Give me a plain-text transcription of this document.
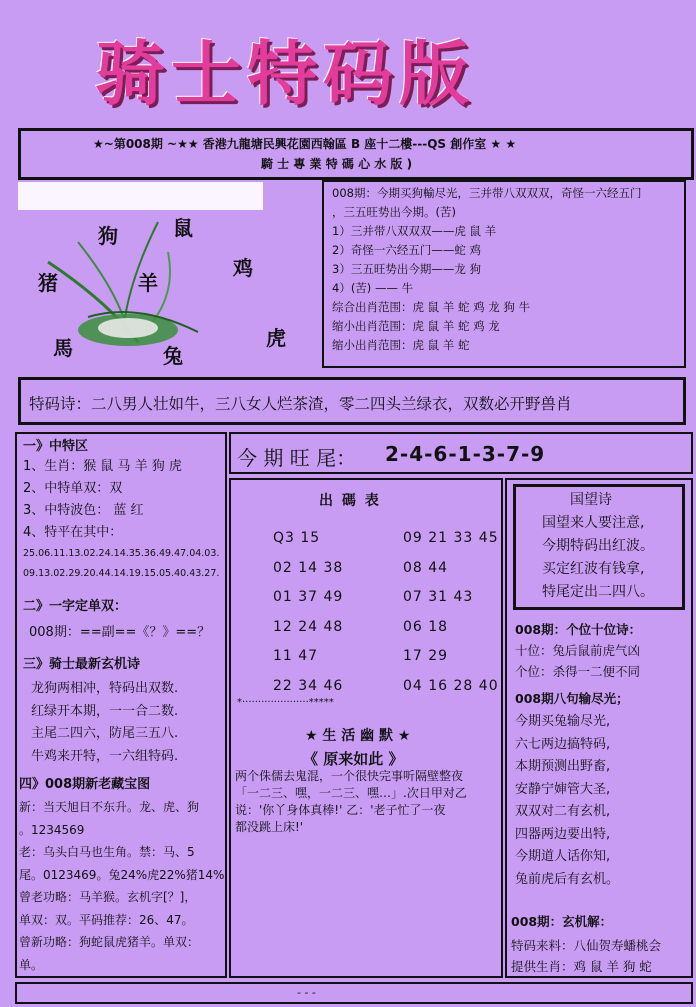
骑士特码版
★~第008期 ~★★ 香港九龍塘民興花園西翰區 B 座十二樓---QS 創作室 ★ ★
騎 士 專 業 特 碼 心 水 版 )
狗	鼠
猪	羊
鸡
馬	兔
虎
008期：今期买狗輸尽光，三并带八双双双，奇怪一六经五门
，三五旺势出今期。(苦)
1）三并带八双双双——虎 鼠 羊
2）奇怪一六经五门——蛇 鸡
3）三五旺势出今期——龙 狗
4）(苦) —— 牛
综合出肖范围：虎 鼠 羊 蛇 鸡 龙 狗 牛
缩小出肖范围：虎 鼠 羊 蛇 鸡 龙
缩小出肖范围：虎 鼠 羊 蛇
特码诗：二八男人壮如牛，三八女人烂茶渣，零二四头兰绿衣，双数必开野兽肖
一》中特区
1、生肖：猴 鼠 马 羊 狗 虎
2、中特单双：双
3、中特波色： 蓝 红
4、特平在其中：
25.06.11.13.02.24.14.35.36.49.47.04.03.
09.13.02.29.20.44.14.19.15.05.40.43.27.
二》一字定单双：
008期：==副==《？》==？
三》骑士最新玄机诗
龙狗两相冲，特码出双数.
红绿开本期，一一合二数.
主尾二四六，防尾三五八.
牛鸡来开特，一六组特码.
四》008期新老藏宝图
新：当天旭日不东升。龙、虎、狗
。1234569
老：乌头白马也生角。禁：马、5
尾。0123469。兔24%虎22%猪14%
曾老功略：马羊猴。玄机字[？]，
单双：双。平码推荐：26、47。
曾新功略：狗蛇鼠虎猪羊。单双：
单。
今 期 旺 尾： 2-4-6-1-3-7-9
出 碼 表
Q3 15	09 21 33 45
02 14 38	08 44
01 37 49	07 31 43
12 24 48	06 18
11 47	17 29
22 34 46	04 16 28 40
*·····················*****
★ 生 活 幽 默 ★
《 原来如此 》
两个侏儒去鬼混，一个很快完事听隔壁整夜
「一二三、嘿，一二三、嘿…」.次日甲对乙
说：'你丫身体真棒!' 乙：'老子忙了一夜
都没跳上床!'
国望诗
国望来人要注意,
今期特码出红波。
买定红波有钱拿,
特尾定出二四八。
008期：个位十位诗：
十位：兔后鼠前虎气凶
个位：杀得一二便不同
008期八句输尽光；
今期买兔输尽光,
六七两边搞特码,
本期预测出野畜,
安静宁婶管大圣,
双双对二有玄机,
四器两边要出特,
今期道人话你知,
兔前虎后有玄机。
008期：玄机解：
特码来料：八仙贺寿蟠桃会
提供生肖：鸡 鼠 羊 狗 蛇
- - -
